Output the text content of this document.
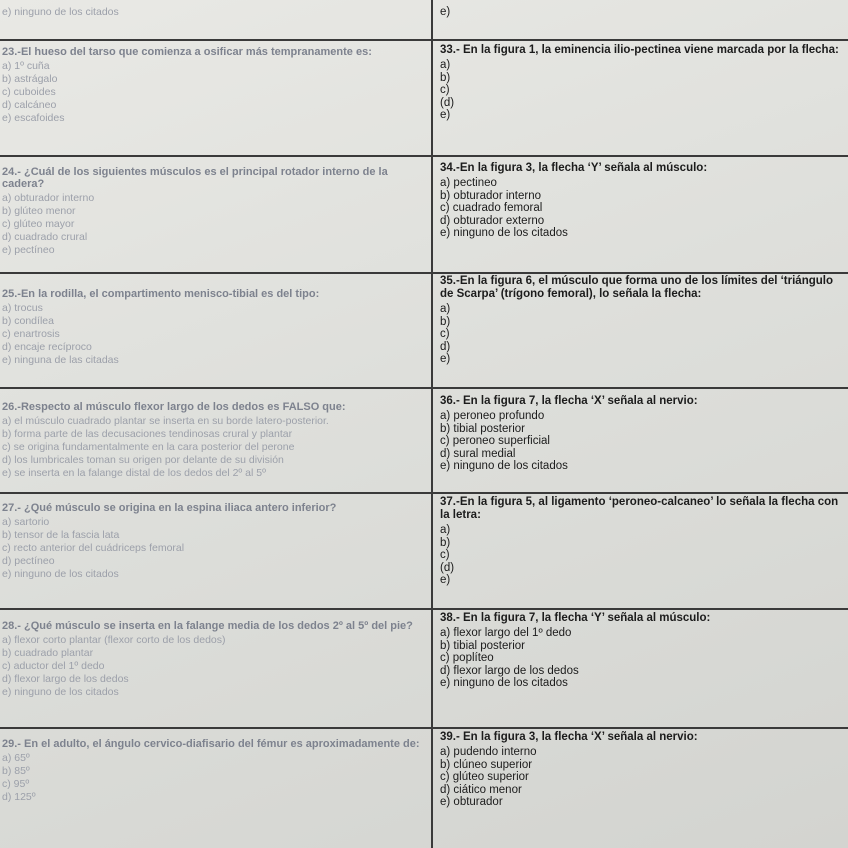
e) ninguno de los citados	e)

23.-El hueso del tarso que comienza a osificar más tempranamente es:

a) 1º cuña
b) astrágalo
c) cuboides
d) calcáneo
e) escafoides

24.- ¿Cuál de los siguientes músculos es el principal rotador interno de la cadera?

a) obturador interno
b) glúteo menor
c) glúteo mayor
d) cuadrado crural
e) pectíneo

25.-En la rodilla, el compartimento menisco-tibial es del tipo:

a) trocus
b) condílea
c) enartrosis
d) encaje recíproco
e) ninguna de las citadas

26.-Respecto al músculo flexor largo de los dedos es FALSO que:

a) el músculo cuadrado plantar se inserta en su borde latero-posterior.
b) forma parte de las decusaciones tendinosas crural y plantar
c) se origina fundamentalmente en la cara posterior del perone
d) los lumbricales toman su origen por delante de su división
e) se inserta en la falange distal de los dedos del 2º al 5º

27.- ¿Qué músculo se origina en la espina iliaca antero inferior?

a) sartorio
b) tensor de la fascia lata
c) recto anterior del cuádriceps femoral
d) pectíneo
e) ninguno de los citados

28.- ¿Qué músculo se inserta en la falange media de los dedos 2º al 5º del pie?

a) flexor corto plantar (flexor corto de los dedos)
b) cuadrado plantar
c) aductor del 1º dedo
d) flexor largo de los dedos
e) ninguno de los citados

29.- En el adulto, el ángulo cervico-diafisario del fémur es aproximadamente de:

a) 65º
b) 85º
c) 95º
d) 125º

33.- En la figura 1, la eminencia ilio-pectinea viene marcada por la flecha:

a)
b)
c)
(d)
e)

34.-En la figura 3, la flecha ‘Y’ señala al músculo:

a) pectineo
b) obturador interno
c) cuadrado femoral
d) obturador externo
e) ninguno de los citados

35.-En la figura 6, el músculo que forma uno de los límites del ‘triángulo de Scarpa’ (trígono femoral), lo señala la flecha:

a)
b)
c)
d)
e)

36.- En la figura 7, la flecha ‘X’ señala al nervio:

a) peroneo profundo
b) tibial posterior
c) peroneo superficial
d) sural medial
e) ninguno de los citados

37.-En la figura 5, al ligamento ‘peroneo-calcaneo’ lo señala la flecha con la letra:

a)
b)
c)
(d)
e)

38.- En la figura 7, la flecha ‘Y’ señala al músculo:

a) flexor largo del 1º dedo
b) tibial posterior
c) poplíteo
d) flexor largo de los dedos
e) ninguno de los citados

39.- En la figura 3, la flecha ‘X’ señala al nervio:

a) pudendo interno
b) clúneo superior
c) glúteo superior
d) ciático menor
e) obturador
